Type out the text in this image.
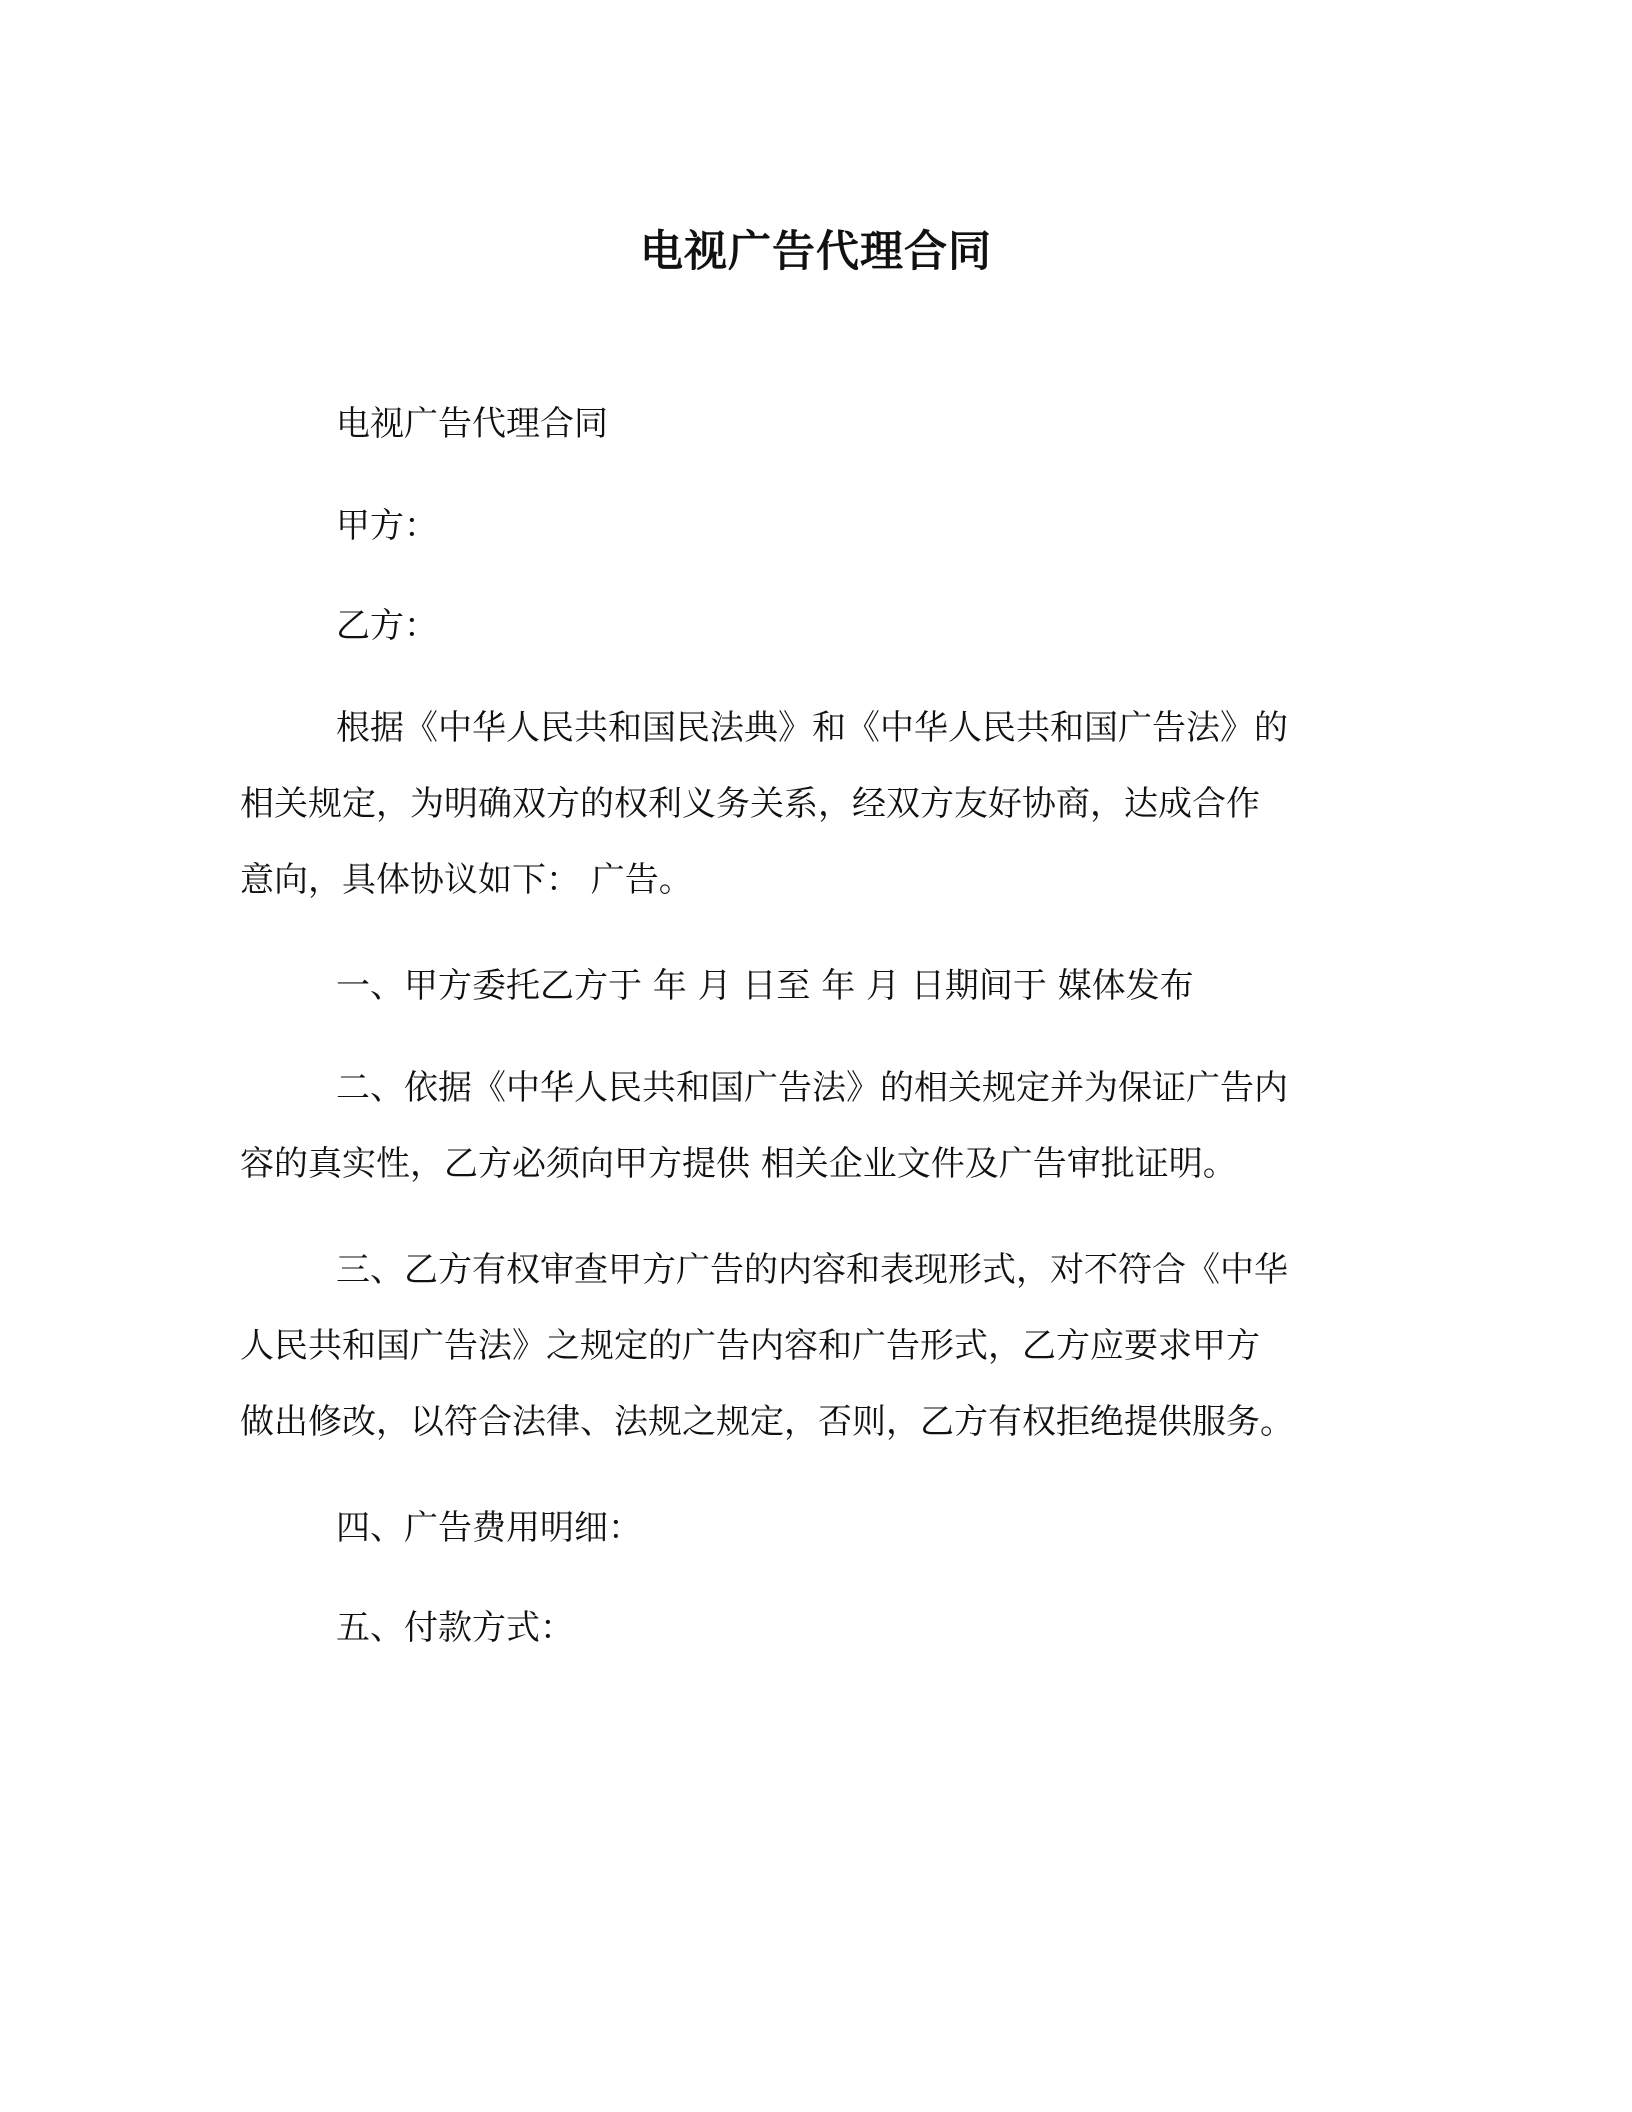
电视广告代理合同
电视广告代理合同
甲方：
乙方：
根据《中华人民共和国民法典》和《中华人民共和国广告法》的
相关规定，为明确双方的权利义务关系，经双方友好协商，达成合作
意向，具体协议如下： 广告。
一、甲方委托乙方于 年 月 日至 年 月 日期间于 媒体发布
二、依据《中华人民共和国广告法》的相关规定并为保证广告内
容的真实性，乙方必须向甲方提供 相关企业文件及广告审批证明。
三、乙方有权审查甲方广告的内容和表现形式，对不符合《中华
人民共和国广告法》之规定的广告内容和广告形式，乙方应要求甲方
做出修改，以符合法律、法规之规定，否则，乙方有权拒绝提供服务。
四、广告费用明细：
五、付款方式：
